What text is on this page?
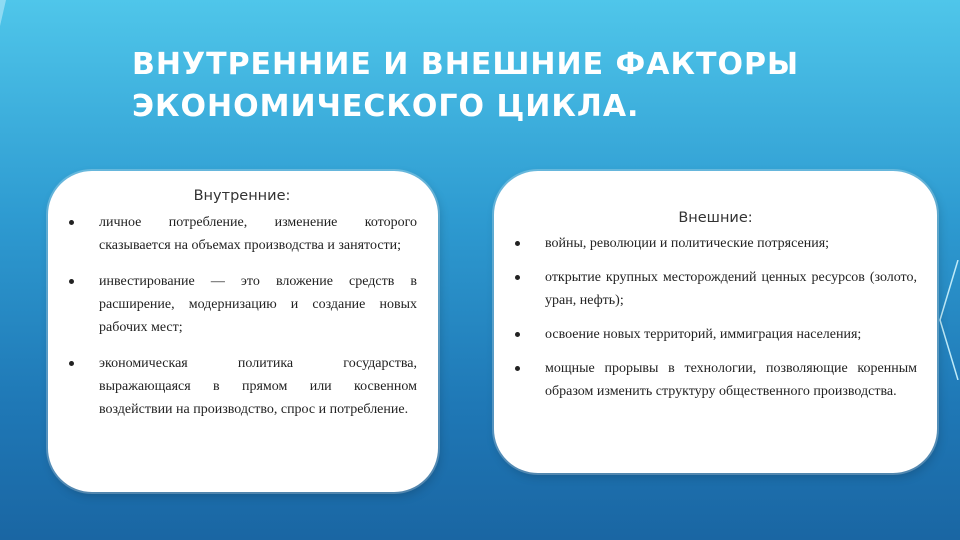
ВНУТРЕННИЕ И ВНЕШНИЕ ФАКТОРЫ ЭКОНОМИЧЕСКОГО ЦИКЛА.

Внутренние:

личное потребление, изменение которого сказывается на объемах производства и занятости;
инвестирование — это вложение средств в расширение, модернизацию и создание новых рабочих мест;
экономическая политика государства, выражающаяся в прямом или косвенном воздействии на производство, спрос и потребление.

Внешние:

войны, революции и политические потрясения;
открытие крупных месторождений ценных ресурсов (золото, уран, нефть);
освоение новых территорий, иммиграция населения;
мощные прорывы в технологии, позволяющие коренным образом изменить структуру общественного производства.
